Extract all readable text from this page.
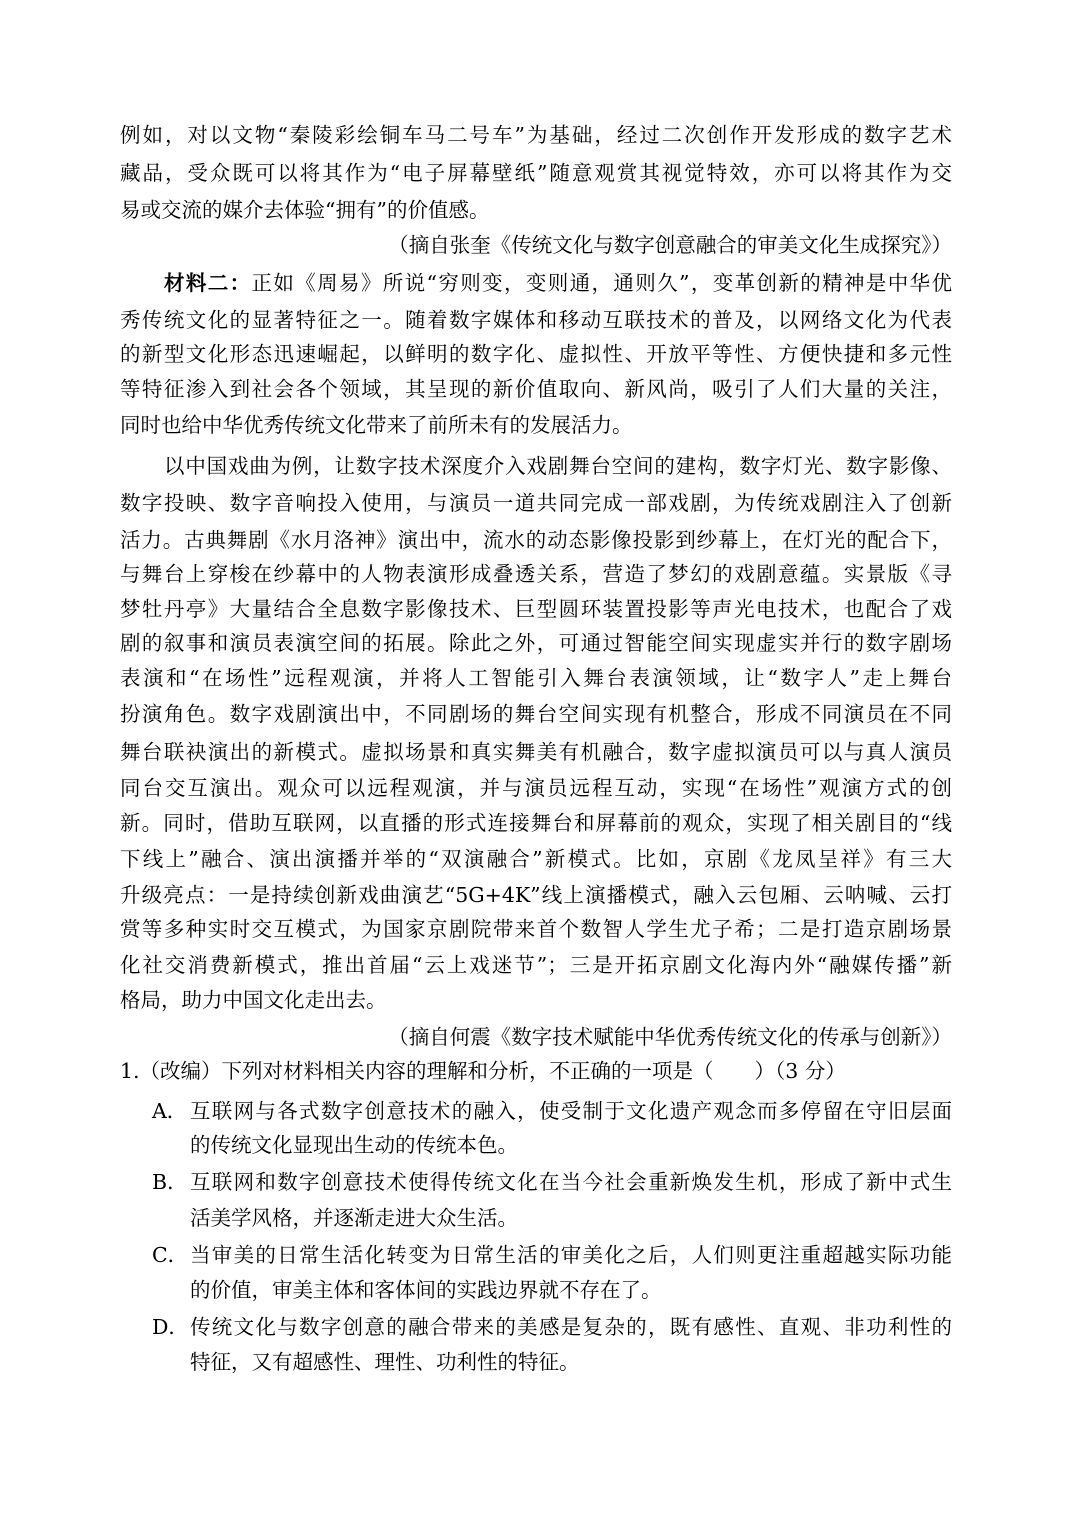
例如，对以文物“秦陵彩绘铜车马二号车”为基础，经过二次创作开发形成的数字艺术
藏品，受众既可以将其作为“电子屏幕壁纸”随意观赏其视觉特效，亦可以将其作为交
易或交流的媒介去体验“拥有”的价值感。
（摘自张奎《传统文化与数字创意融合的审美文化生成探究》）
材料二：正如《周易》所说“穷则变，变则通，通则久”，变革创新的精神是中华优
秀传统文化的显著特征之一。随着数字媒体和移动互联技术的普及，以网络文化为代表
的新型文化形态迅速崛起，以鲜明的数字化、虚拟性、开放平等性、方便快捷和多元性
等特征渗入到社会各个领域，其呈现的新价值取向、新风尚，吸引了人们大量的关注，
同时也给中华优秀传统文化带来了前所未有的发展活力。
以中国戏曲为例，让数字技术深度介入戏剧舞台空间的建构，数字灯光、数字影像、
数字投映、数字音响投入使用，与演员一道共同完成一部戏剧，为传统戏剧注入了创新
活力。古典舞剧《水月洛神》演出中，流水的动态影像投影到纱幕上，在灯光的配合下，
与舞台上穿梭在纱幕中的人物表演形成叠透关系，营造了梦幻的戏剧意蕴。实景版《寻
梦牡丹亭》大量结合全息数字影像技术、巨型圆环装置投影等声光电技术，也配合了戏
剧的叙事和演员表演空间的拓展。除此之外，可通过智能空间实现虚实并行的数字剧场
表演和“在场性”远程观演，并将人工智能引入舞台表演领域，让“数字人”走上舞台
扮演角色。数字戏剧演出中，不同剧场的舞台空间实现有机整合，形成不同演员在不同
舞台联袂演出的新模式。虚拟场景和真实舞美有机融合，数字虚拟演员可以与真人演员
同台交互演出。观众可以远程观演，并与演员远程互动，实现“在场性”观演方式的创
新。同时，借助互联网，以直播的形式连接舞台和屏幕前的观众，实现了相关剧目的“线
下线上”融合、演出演播并举的“双演融合”新模式。比如，京剧《龙凤呈祥》有三大
升级亮点：一是持续创新戏曲演艺“5G+4K”线上演播模式，融入云包厢、云呐喊、云打
赏等多种实时交互模式，为国家京剧院带来首个数智人学生尤子希；二是打造京剧场景
化社交消费新模式，推出首届“云上戏迷节”；三是开拓京剧文化海内外“融媒传播”新
格局，助力中国文化走出去。
（摘自何震《数字技术赋能中华优秀传统文化的传承与创新》）
1.（改编）下列对材料相关内容的理解和分析，不正确的一项是（　　）（3 分）
A． 互联网与各式数字创意技术的融入，使受制于文化遗产观念而多停留在守旧层面
的传统文化显现出生动的传统本色。
B． 互联网和数字创意技术使得传统文化在当今社会重新焕发生机，形成了新中式生
活美学风格，并逐渐走进大众生活。
C． 当审美的日常生活化转变为日常生活的审美化之后，人们则更注重超越实际功能
的价值，审美主体和客体间的实践边界就不存在了。
D． 传统文化与数字创意的融合带来的美感是复杂的，既有感性、直观、非功利性的
特征，又有超感性、理性、功利性的特征。
